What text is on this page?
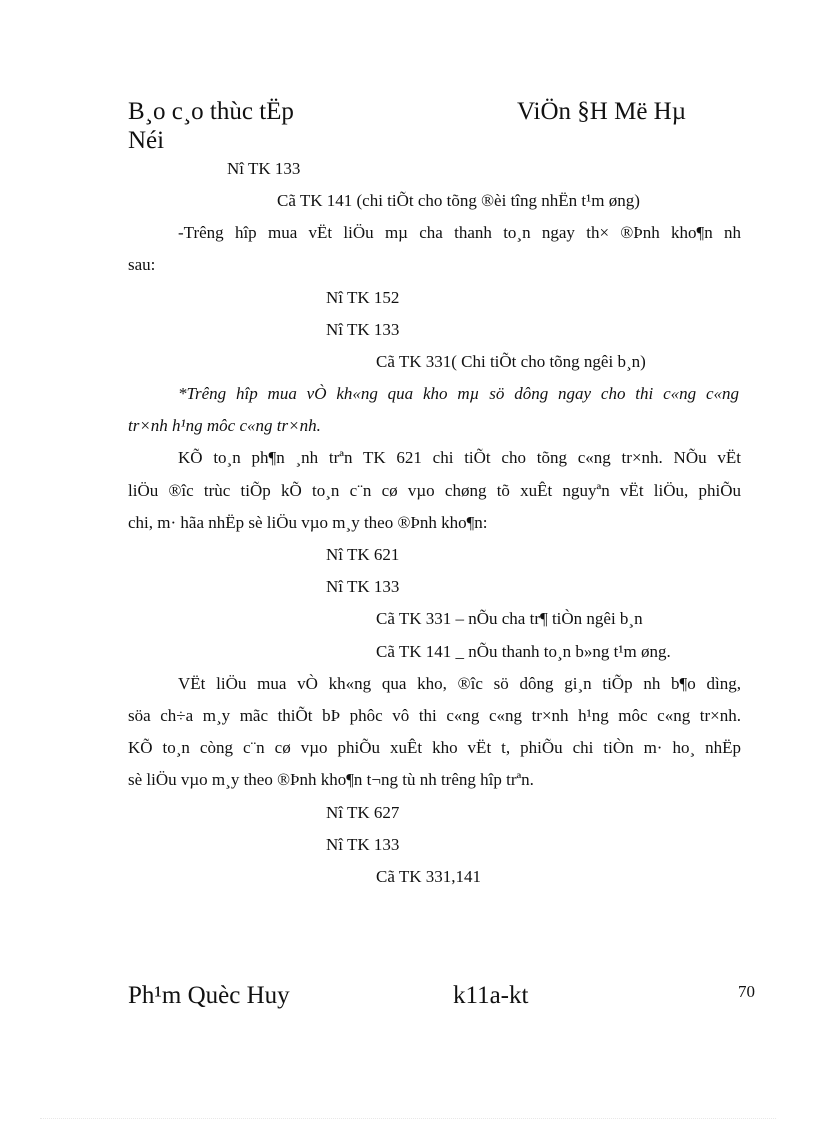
B¸o c¸o thùc tËp	ViÖn §H Më Hµ
Néi
Nî TK 133
Cã TK 141 (chi tiÕt cho tõng ®èi tîng nhËn t¹m øng)

-Trêng hîp mua vËt liÖu mµ cha thanh to¸n ngay th× ®Þnh kho¶n nh

sau:

Nî TK 152
Nî TK 133
Cã TK 331( Chi tiÕt cho tõng ngêi b¸n)

*Trêng hîp mua vÒ kh«ng qua kho mµ sö dông ngay cho thi c«ng c«ng

tr×nh h¹ng môc c«ng tr×nh.

KÕ to¸n ph¶n ¸nh trªn TK 621 chi tiÕt cho tõng c«ng tr×nh. NÕu vËt

liÖu ®îc trùc tiÕp kÕ to¸n c¨n cø vµo chøng tõ xuÊt nguyªn vËt liÖu, phiÕu

chi, m· hãa nhËp sè liÖu vµo m¸y theo ®Þnh kho¶n:

Nî TK 621
Nî TK 133
Cã TK 331 – nÕu cha tr¶ tiÒn ngêi b¸n
Cã TK 141 _ nÕu thanh to¸n b»ng t¹m øng.

VËt liÖu mua vÒ kh«ng qua kho, ®îc sö dông gi¸n tiÕp nh b¶o dìng,

söa ch÷a m¸y mãc thiÕt bÞ phôc vô thi c«ng c«ng tr×nh h¹ng môc c«ng tr×nh.

KÕ to¸n còng c¨n cø vµo phiÕu xuÊt kho vËt t, phiÕu chi tiÒn m· ho¸ nhËp

sè liÖu vµo m¸y theo ®Þnh kho¶n t¬ng tù nh trêng hîp trªn.

Nî TK 627
Nî TK 133
Cã TK 331,141
Ph¹m Quèc Huy	k11a-kt	70
